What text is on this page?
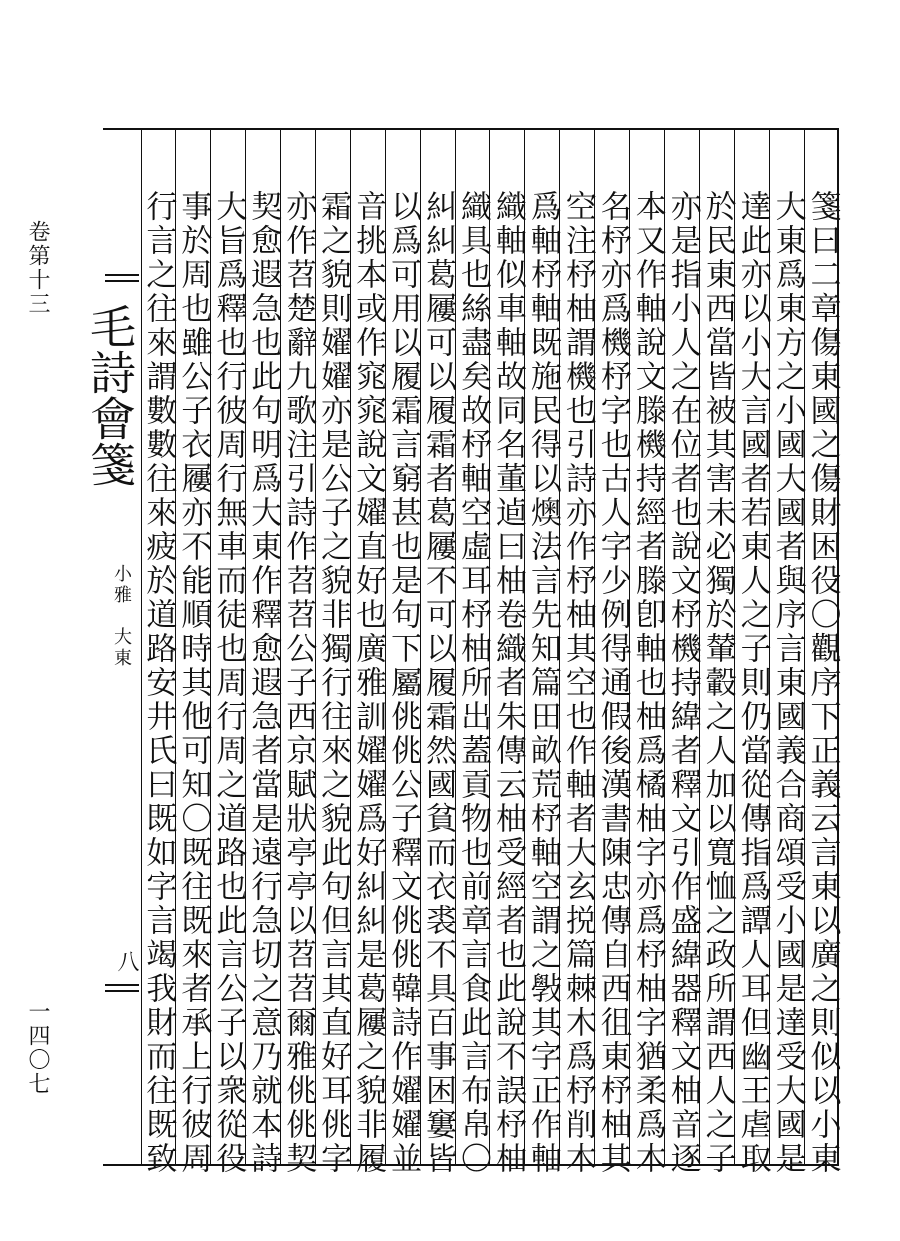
卷第十三
一四〇七
毛詩會箋
小雅　大東
八	箋曰二章傷東國之傷財困役〇觀序下正義云言東以廣之則似以小東
大東爲東方之小國大國者與序言東國義合商頌受小國是達受大國是
達此亦以小大言國者若東人之子則仍當從傳指爲譚人耳但幽王虐取
於民東西當皆被其害未必獨於輦轂之人加以寬恤之政所謂西人之子
亦是指小人之在位者也說文杼機持緯者釋文引作盛緯器釋文柚音逐
本又作軸說文滕機持經者滕卽軸也柚爲橘柚字亦爲杼柚字猶柔爲木
名杼亦爲機杼字也古人字少例得通假後漢書陳忠傳自西徂東杼柚其
空注杼柚謂機也引詩亦作杼柚其空也作軸者大玄捝篇棘木爲杼削木
爲軸杼軸既施民得以燠法言先知篇田畝荒杼軸空謂之斅其字正作軸
織軸似車軸故同名董逌曰柚卷織者朱傳云柚受經者也此說不誤杼柚
織具也絲盡矣故杼軸空虛耳杼柚所出蓋貢物也前章言食此言布帛〇
糾糾葛屨可以履霜者葛屨不可以履霜然國貧而衣裘不具百事困窶皆
以爲可用以履霜言窮甚也是句下屬佻佻公子釋文佻佻韓詩作嬥嬥並
音挑本或作窕窕說文嬥直好也廣雅訓嬥嬥爲好糾糾是葛屨之貌非履
霜之貌則嬥嬥亦是公子之貌非獨行往來之貌此句但言其直好耳佻字
亦作苕楚辭九歌注引詩作苕苕公子西京賦狀亭亭以苕苕爾雅佻佻契
契愈遐急也此句明爲大東作釋愈遐急者當是遠行急切之意乃就本詩
大旨爲釋也行彼周行無車而徒也周行周之道路也此言公子以衆從役
事於周也雖公子衣屨亦不能順時其他可知〇既往既來者承上行彼周
行言之往來謂數數往來疲於道路安井氏曰既如字言竭我財而往既致
